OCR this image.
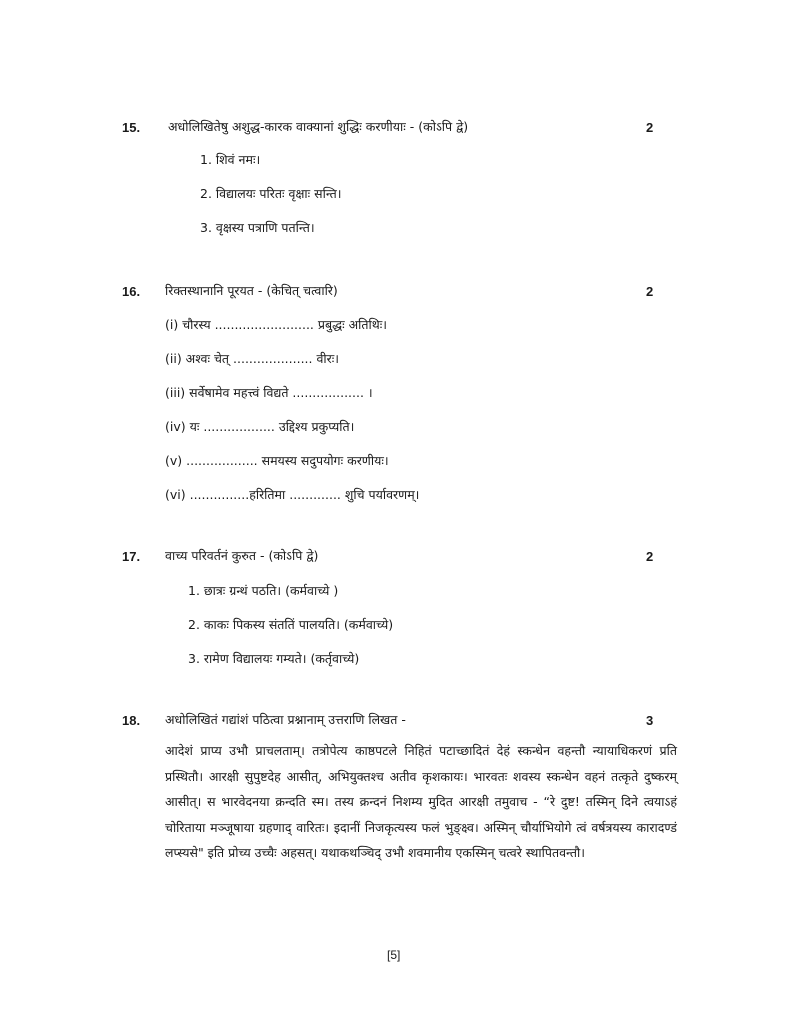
15. अधोलिखितेषु अशुद्ध-कारक वाक्यानां शुद्धिः करणीयाः - (कोऽपि द्वे)	2
1. शिवं नमः।
2. विद्यालयः परितः वृक्षाः सन्ति।
3. वृक्षस्य पत्राणि पतन्ति।
16. रिक्तस्थानानि पूरयत - (केचित् चत्वारि)	2
(i) चौरस्य ......................... प्रबुद्धः अतिथिः।
(ii) अश्वः चेत् .................... वीरः।
(iii) सर्वेषामेव महत्त्वं विद्यते .................. ।
(iv) यः .................. उद्दिश्य प्रकुप्यति।
(v) .................. समयस्य सदुपयोगः करणीयः।
(vi) ...............हरितिमा ............. शुचि पर्यावरणम्।
17. वाच्य परिवर्तनं कुरुत - (कोऽपि द्वे)	2
1. छात्रः ग्रन्थं पठति। (कर्मवाच्ये )
2. काकः पिकस्य संततिं पालयति। (कर्मवाच्ये)
3. रामेण विद्यालयः गम्यते। (कर्तृवाच्ये)
18. अधोलिखितं गद्यांशं पठित्वा प्रश्नानाम् उत्तराणि लिखत -	3
आदेशं प्राप्य उभौ प्राचलताम्। तत्रोपेत्य काष्ठपटले निहितं पटाच्छादितं देहं स्कन्धेन वहन्तौ न्यायाधिकरणं प्रति प्रस्थितौ। आरक्षी सुपुष्टदेह आसीत्, अभियुक्तश्च अतीव कृशकायः। भारवतः शवस्य स्कन्धेन वहनं तत्कृते दुष्करम् आसीत्। स भारवेदनया क्रन्दति स्म। तस्य क्रन्दनं निशम्य मुदित आरक्षी तमुवाच - “रे दुष्ट! तस्मिन् दिने त्वयाऽहं चोरिताया मञ्जूषाया ग्रहणाद् वारितः। इदानीं निजकृत्यस्य फलं भुङ्क्ष्व। अस्मिन् चौर्याभियोगे त्वं वर्षत्रयस्य कारादण्डं लप्स्यसे" इति प्रोच्य उच्चैः अहसत्। यथाकथञ्चिद् उभौ शवमानीय एकस्मिन् चत्वरे स्थापितवन्तौ।
[5]
